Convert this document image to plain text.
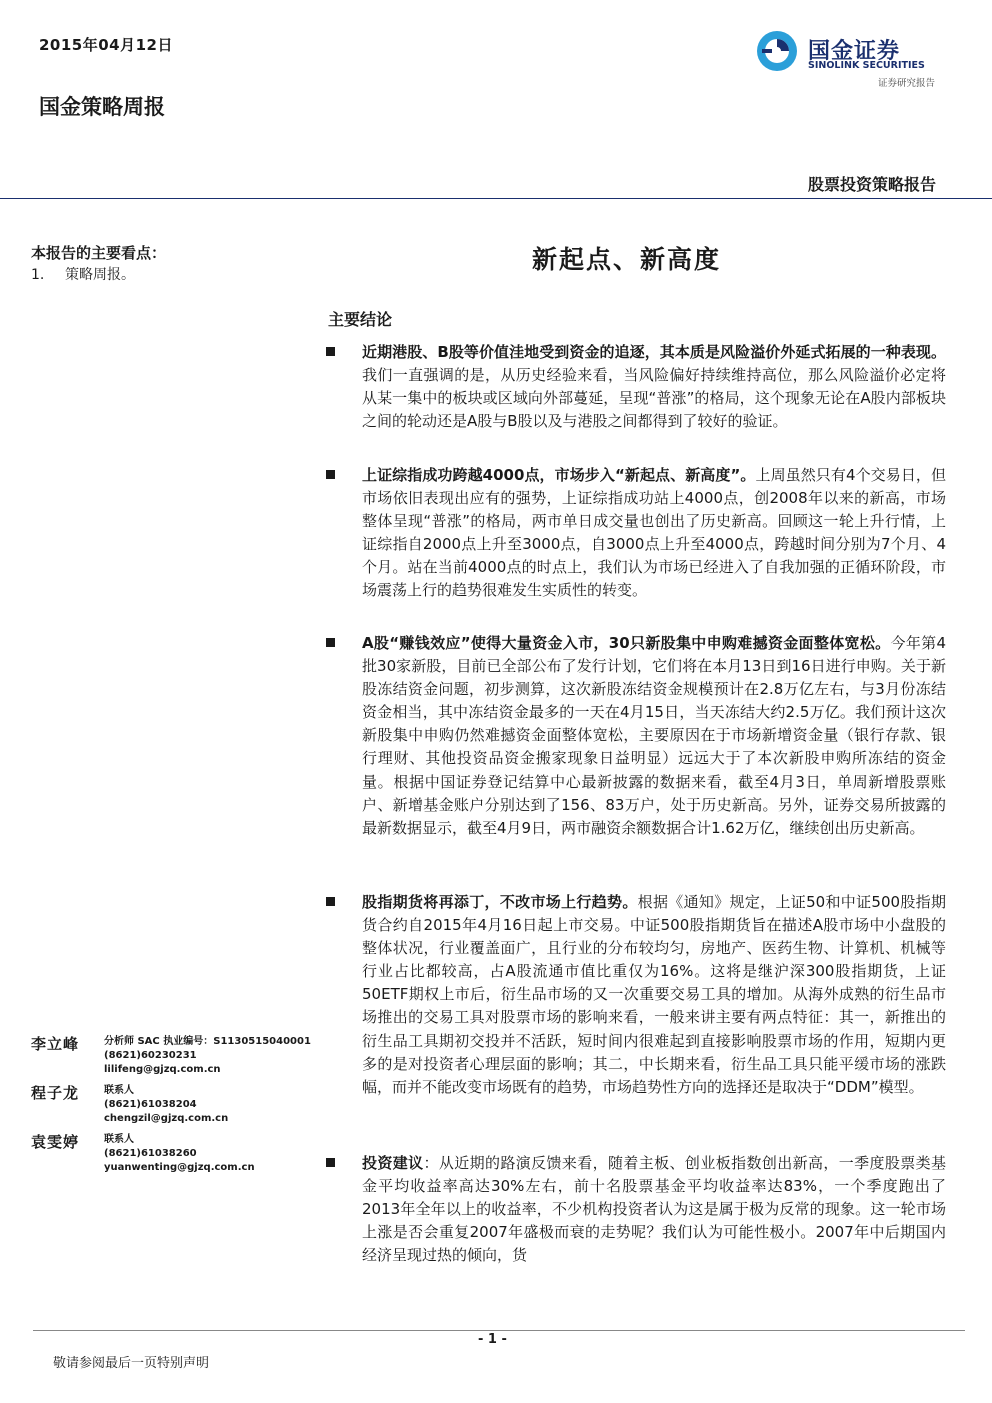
2015年04月12日
国金策略周报
国金证券
SINOLINK SECURITIES
证券研究报告
股票投资策略报告
本报告的主要看点：
1. 策略周报。
新起点、新高度
主要结论
近期港股、B股等价值洼地受到资金的追逐，其本质是风险溢价外延式拓展的一种表现。我们一直强调的是，从历史经验来看，当风险偏好持续维持高位，那么风险溢价必定将从某一集中的板块或区域向外部蔓延，呈现“普涨”的格局，这个现象无论在A股内部板块之间的轮动还是A股与B股以及与港股之间都得到了较好的验证。
上证综指成功跨越4000点，市场步入“新起点、新高度”。上周虽然只有4个交易日，但市场依旧表现出应有的强势，上证综指成功站上4000点，创2008年以来的新高，市场整体呈现“普涨”的格局，两市单日成交量也创出了历史新高。回顾这一轮上升行情，上证综指自2000点上升至3000点，自3000点上升至4000点，跨越时间分别为7个月、4个月。站在当前4000点的时点上，我们认为市场已经进入了自我加强的正循环阶段，市场震荡上行的趋势很难发生实质性的转变。
A股“赚钱效应”使得大量资金入市，30只新股集中申购难撼资金面整体宽松。今年第4批30家新股，目前已全部公布了发行计划，它们将在本月13日到16日进行申购。关于新股冻结资金问题，初步测算，这次新股冻结资金规模预计在2.8万亿左右，与3月份冻结资金相当，其中冻结资金最多的一天在4月15日，当天冻结大约2.5万亿。我们预计这次新股集中申购仍然难撼资金面整体宽松，主要原因在于市场新增资金量（银行存款、银行理财、其他投资品资金搬家现象日益明显）远远大于了本次新股申购所冻结的资金量。根据中国证券登记结算中心最新披露的数据来看，截至4月3日，单周新增股票账户、新增基金账户分别达到了156、83万户，处于历史新高。另外，证券交易所披露的最新数据显示，截至4月9日，两市融资余额数据合计1.62万亿，继续创出历史新高。
股指期货将再添丁，不改市场上行趋势。根据《通知》规定，上证50和中证500股指期货合约自2015年4月16日起上市交易。中证500股指期货旨在描述A股市场中小盘股的整体状况，行业覆盖面广，且行业的分布较均匀，房地产、医药生物、计算机、机械等行业占比都较高，占A股流通市值比重仅为16%。这将是继沪深300股指期货，上证50ETF期权上市后，衍生品市场的又一次重要交易工具的增加。从海外成熟的衍生品市场推出的交易工具对股票市场的影响来看，一般来讲主要有两点特征：其一，新推出的衍生品工具期初交投并不活跃，短时间内很难起到直接影响股票市场的作用，短期内更多的是对投资者心理层面的影响；其二，中长期来看，衍生品工具只能平缓市场的涨跌幅，而并不能改变市场既有的趋势，市场趋势性方向的选择还是取决于“DDM”模型。
投资建议：从近期的路演反馈来看，随着主板、创业板指数创出新高，一季度股票类基金平均收益率高达30%左右，前十名股票基金平均收益率达83%，一个季度跑出了2013年全年以上的收益率，不少机构投资者认为这是属于极为反常的现象。这一轮市场上涨是否会重复2007年盛极而衰的走势呢？我们认为可能性极小。2007年中后期国内经济呈现过热的倾向，货
李立峰 分析师 SAC 执业编号：S1130515040001
(8621)60230231
lilifeng@gjzq.com.cn
程子龙 联系人
(8621)61038204
chengzil@gjzq.com.cn
袁雯婷 联系人
(8621)61038260
yuanwenting@gjzq.com.cn
- 1 -
敬请参阅最后一页特别声明
